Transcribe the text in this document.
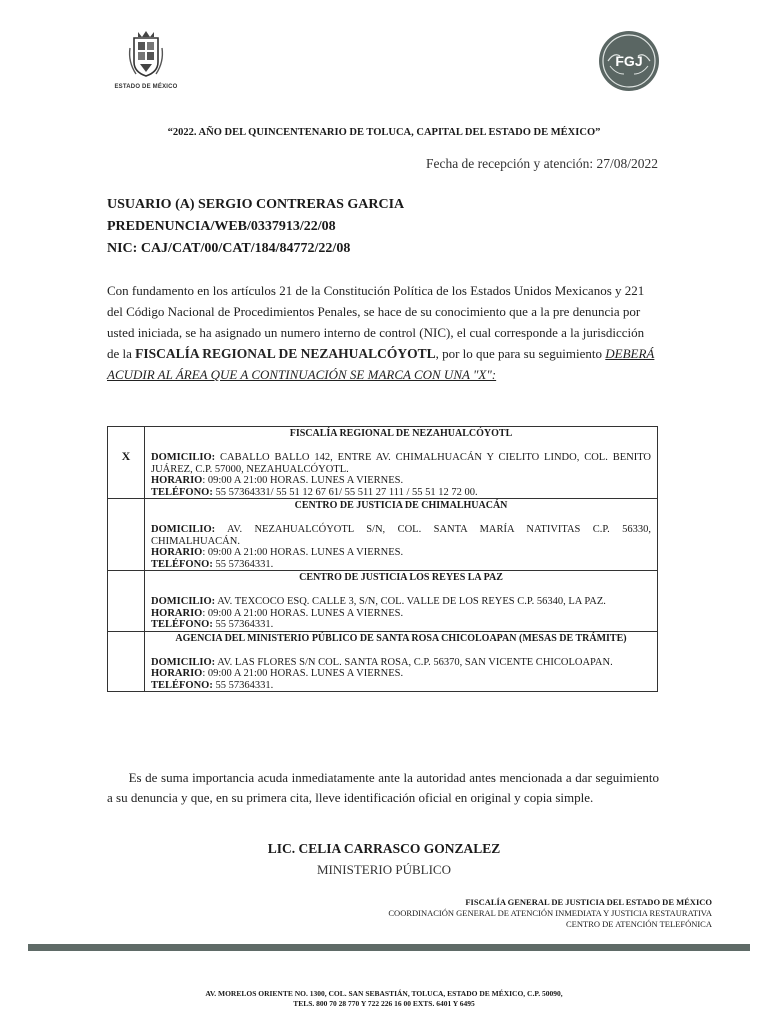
ESTADO DE MÉXICO
FGJ
“2022. AÑO DEL QUINCENTENARIO DE TOLUCA, CAPITAL DEL ESTADO DE MÉXICO”
Fecha de recepción y atención: 27/08/2022
USUARIO (A) SERGIO CONTRERAS GARCIA
PREDENUNCIA/WEB/0337913/22/08
NIC: CAJ/CAT/00/CAT/184/84772/22/08
Con fundamento en los artículos 21 de la Constitución Política de los Estados Unidos Mexicanos y 221 del Código Nacional de Procedimientos Penales, se hace de su conocimiento que a la pre denuncia por usted iniciada, se ha asignado un numero interno de control (NIC), el cual corresponde a la jurisdicción de la FISCALÍA REGIONAL DE NEZAHUALCÓYOTL, por lo que para su seguimiento DEBERÁ ACUDIR AL ÁREA QUE A CONTINUACIÓN SE MARCA CON UNA "X":
X	FISCALÍA REGIONAL DE NEZAHUALCÓYOTL
DOMICILIO: CABALLO BALLO 142, ENTRE AV. CHIMALHUACÁN Y CIELITO LINDO, COL. BENITO JUÁREZ, C.P. 57000, NEZAHUALCÓYOTL.
HORARIO: 09:00 A 21:00 HORAS. LUNES A VIERNES.
TELÉFONO: 55 57364331/ 55 51 12 67 61/ 55 511 27 111 / 55 51 12 72 00.

	CENTRO DE JUSTICIA DE CHIMALHUACÁN
DOMICILIO: AV. NEZAHUALCÓYOTL S/N, COL. SANTA MARÍA NATIVITAS C.P. 56330, CHIMALHUACÁN.
HORARIO: 09:00 A 21:00 HORAS. LUNES A VIERNES.
TELÉFONO: 55 57364331.

	CENTRO DE JUSTICIA LOS REYES LA PAZ
DOMICILIO: AV. TEXCOCO ESQ. CALLE 3, S/N, COL. VALLE DE LOS REYES C.P. 56340, LA PAZ.
HORARIO: 09:00 A 21:00 HORAS. LUNES A VIERNES.
TELÉFONO: 55 57364331.

	AGENCIA DEL MINISTERIO PÚBLICO DE SANTA ROSA CHICOLOAPAN (MESAS DE TRÁMITE)
DOMICILIO: AV. LAS FLORES S/N COL. SANTA ROSA, C.P. 56370, SAN VICENTE CHICOLOAPAN.
HORARIO: 09:00 A 21:00 HORAS. LUNES A VIERNES.
TELÉFONO: 55 57364331.
Es de suma importancia acuda inmediatamente ante la autoridad antes mencionada a dar seguimiento a su denuncia y que, en su primera cita, lleve identificación oficial en original y copia simple.
LIC. CELIA CARRASCO GONZALEZ
MINISTERIO PÚBLICO
FISCALÍA GENERAL DE JUSTICIA DEL ESTADO DE MÉXICO
COORDINACIÓN GENERAL DE ATENCIÓN INMEDIATA Y JUSTICIA RESTAURATIVA
CENTRO DE ATENCIÓN TELEFÓNICA
AV. MORELOS ORIENTE NO. 1300, COL. SAN SEBASTIÁN, TOLUCA, ESTADO DE MÉXICO, C.P. 50090,
TELS. 800 70 28 770 Y 722 226 16 00 EXTS. 6401 Y 6495
